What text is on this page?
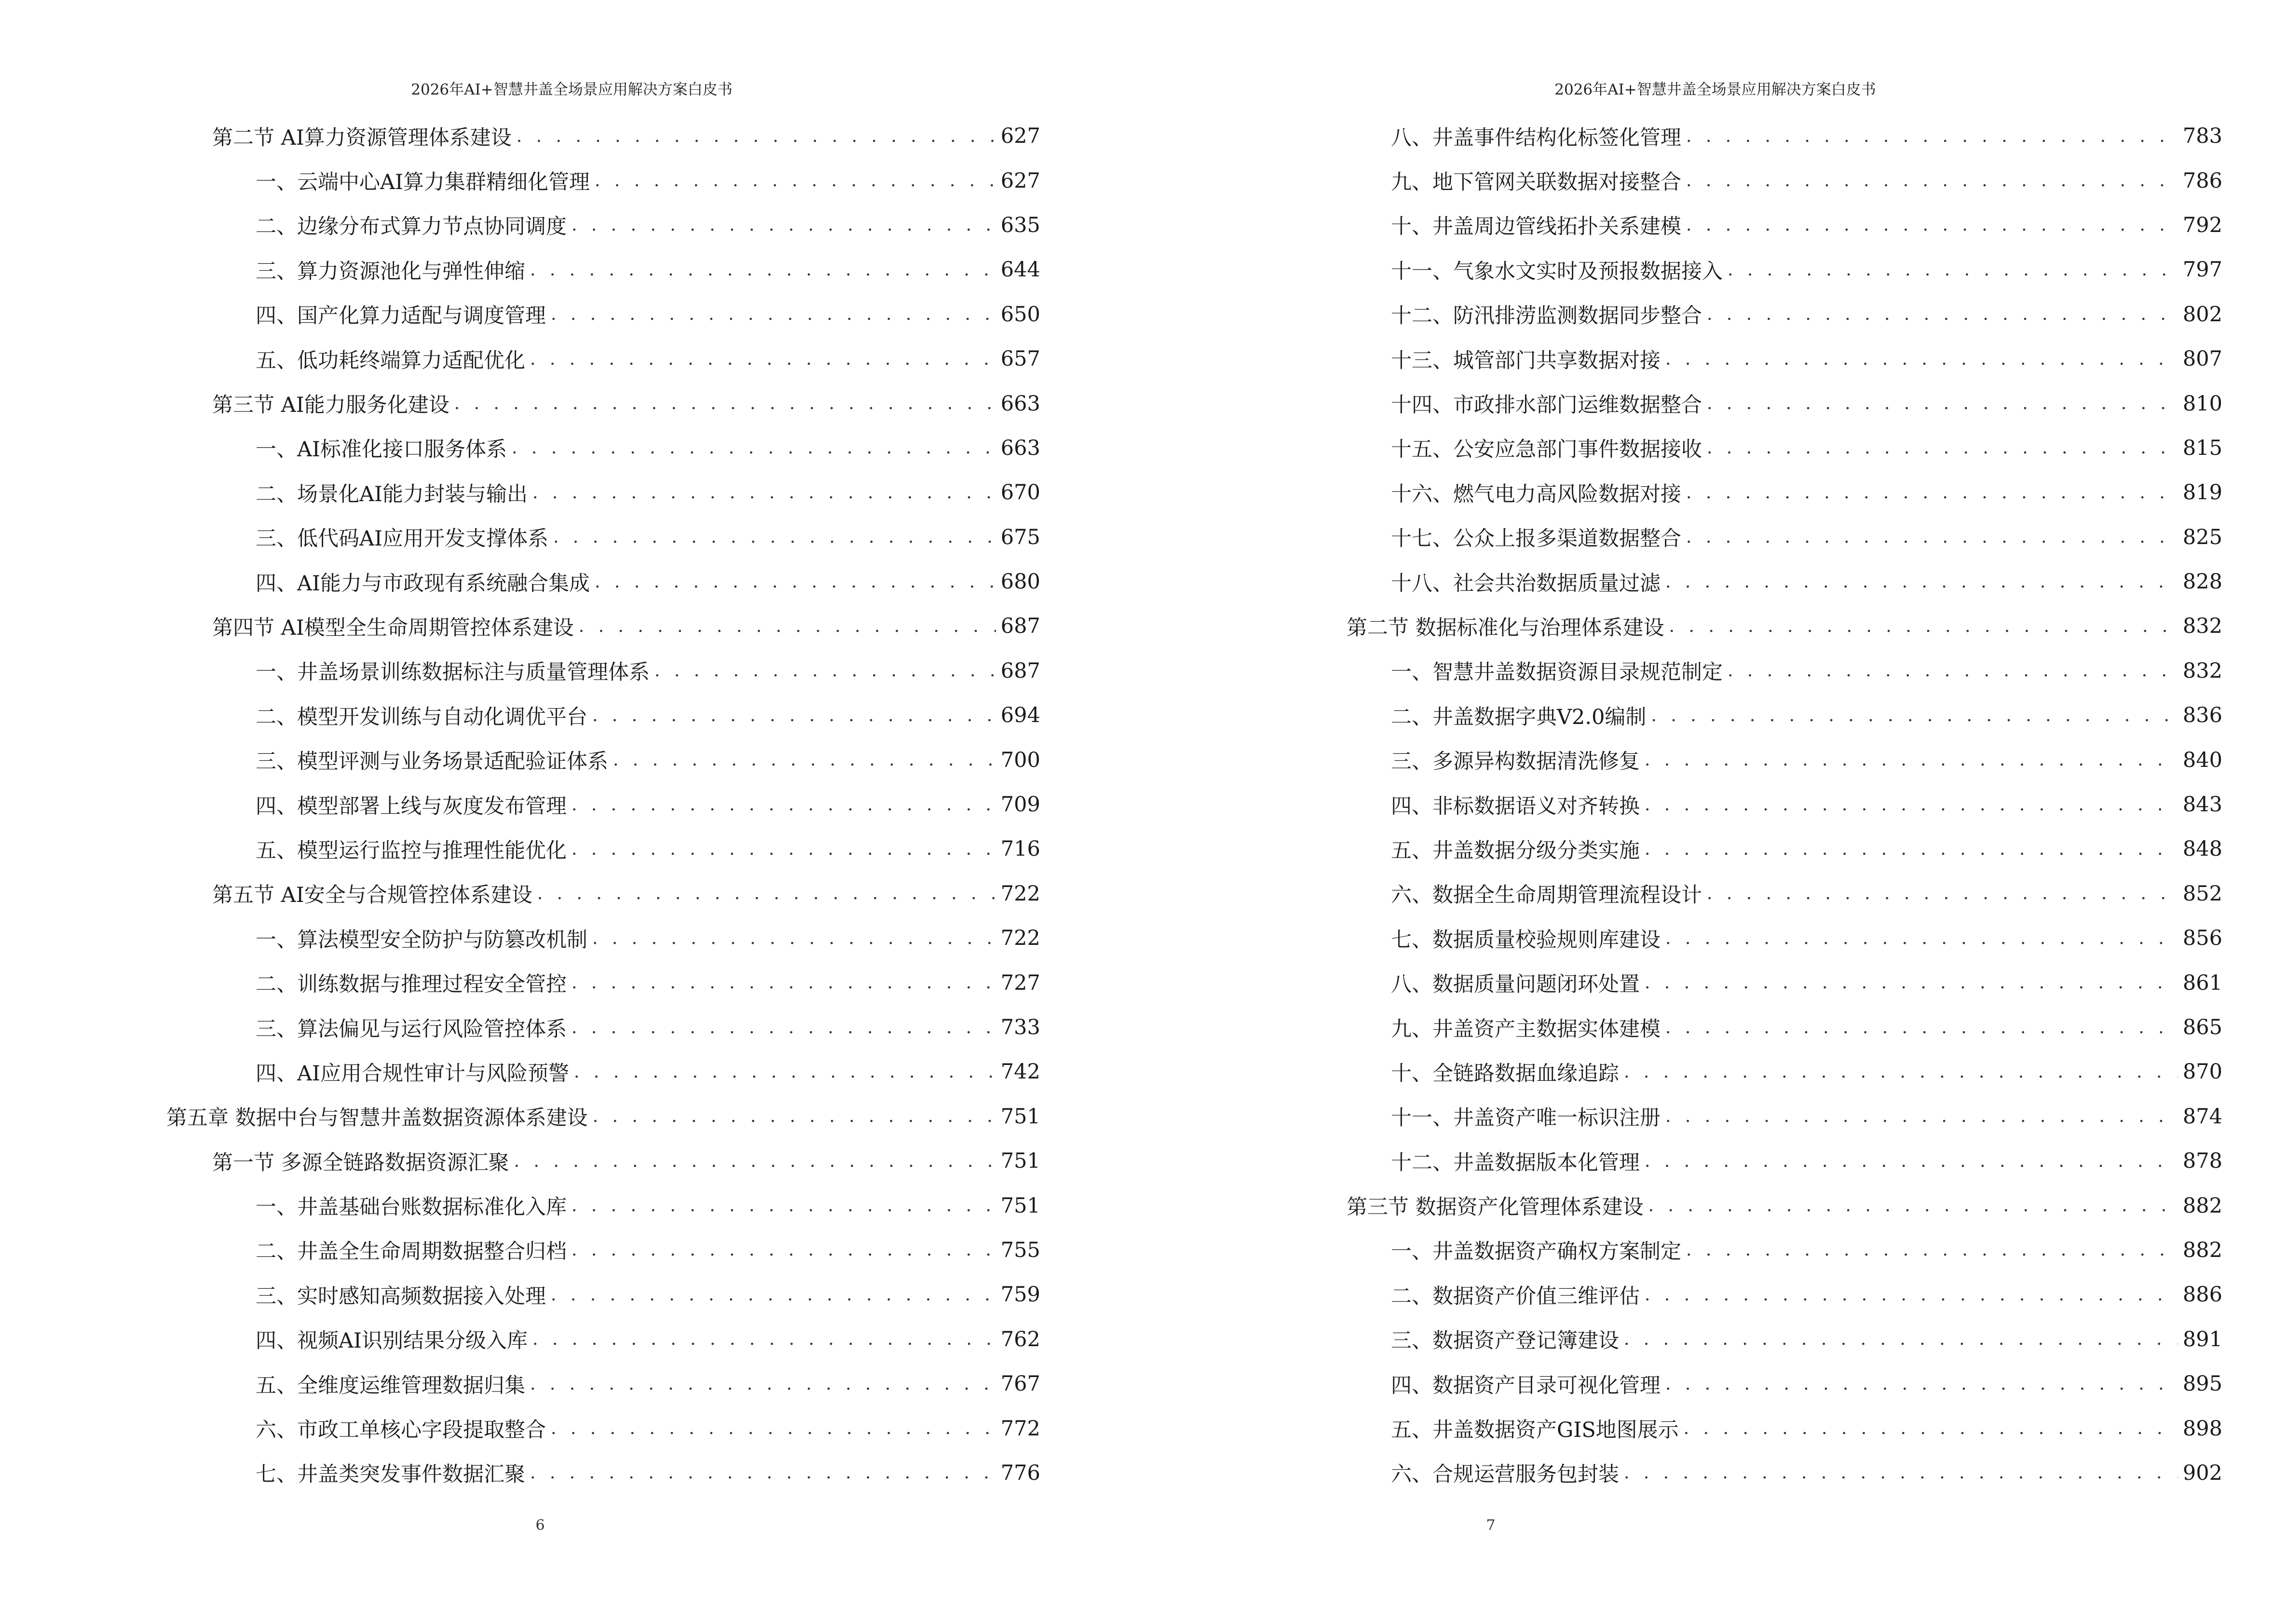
2026年AI+智慧井盖全场景应用解决方案白皮书
第二节 AI算力资源管理体系建设 . . .	627
一、云端中心AI算力集群精细化管理 . . .	627
二、边缘分布式算力节点协同调度 . . .	635
三、算力资源池化与弹性伸缩 . . .	644
四、国产化算力适配与调度管理 . . .	650
五、低功耗终端算力适配优化 . . .	657
第三节 AI能力服务化建设 . . .	663
一、AI标准化接口服务体系 . . .	663
二、场景化AI能力封装与输出 . . .	670
三、低代码AI应用开发支撑体系 . . .	675
四、AI能力与市政现有系统融合集成 . . .	680
第四节 AI模型全生命周期管控体系建设 . . .	687
一、井盖场景训练数据标注与质量管理体系 . . .	687
二、模型开发训练与自动化调优平台 . . .	694
三、模型评测与业务场景适配验证体系 . . .	700
四、模型部署上线与灰度发布管理 . . .	709
五、模型运行监控与推理性能优化 . . .	716
第五节 AI安全与合规管控体系建设 . . .	722
一、算法模型安全防护与防篡改机制 . . .	722
二、训练数据与推理过程安全管控 . . .	727
三、算法偏见与运行风险管控体系 . . .	733
四、AI应用合规性审计与风险预警 . . .	742
第五章 数据中台与智慧井盖数据资源体系建设 . . .	751
第一节 多源全链路数据资源汇聚 . . .	751
一、井盖基础台账数据标准化入库 . . .	751
二、井盖全生命周期数据整合归档 . . .	755
三、实时感知高频数据接入处理 . . .	759
四、视频AI识别结果分级入库 . . .	762
五、全维度运维管理数据归集 . . .	767
六、市政工单核心字段提取整合 . . .	772
七、井盖类突发事件数据汇聚 . . .	776
6
2026年AI+智慧井盖全场景应用解决方案白皮书
八、井盖事件结构化标签化管理 . . .	783
九、地下管网关联数据对接整合 . . .	786
十、井盖周边管线拓扑关系建模 . . .	792
十一、气象水文实时及预报数据接入 . . .	797
十二、防汛排涝监测数据同步整合 . . .	802
十三、城管部门共享数据对接 . . .	807
十四、市政排水部门运维数据整合 . . .	810
十五、公安应急部门事件数据接收 . . .	815
十六、燃气电力高风险数据对接 . . .	819
十七、公众上报多渠道数据整合 . . .	825
十八、社会共治数据质量过滤 . . .	828
第二节 数据标准化与治理体系建设 . . .	832
一、智慧井盖数据资源目录规范制定 . . .	832
二、井盖数据字典V2.0编制 . . .	836
三、多源异构数据清洗修复 . . .	840
四、非标数据语义对齐转换 . . .	843
五、井盖数据分级分类实施 . . .	848
六、数据全生命周期管理流程设计 . . .	852
七、数据质量校验规则库建设 . . .	856
八、数据质量问题闭环处置 . . .	861
九、井盖资产主数据实体建模 . . .	865
十、全链路数据血缘追踪 . . .	870
十一、井盖资产唯一标识注册 . . .	874
十二、井盖数据版本化管理 . . .	878
第三节 数据资产化管理体系建设 . . .	882
一、井盖数据资产确权方案制定 . . .	882
二、数据资产价值三维评估 . . .	886
三、数据资产登记簿建设 . . .	891
四、数据资产目录可视化管理 . . .	895
五、井盖数据资产GIS地图展示 . . .	898
六、合规运营服务包封装 . . .	902
7
